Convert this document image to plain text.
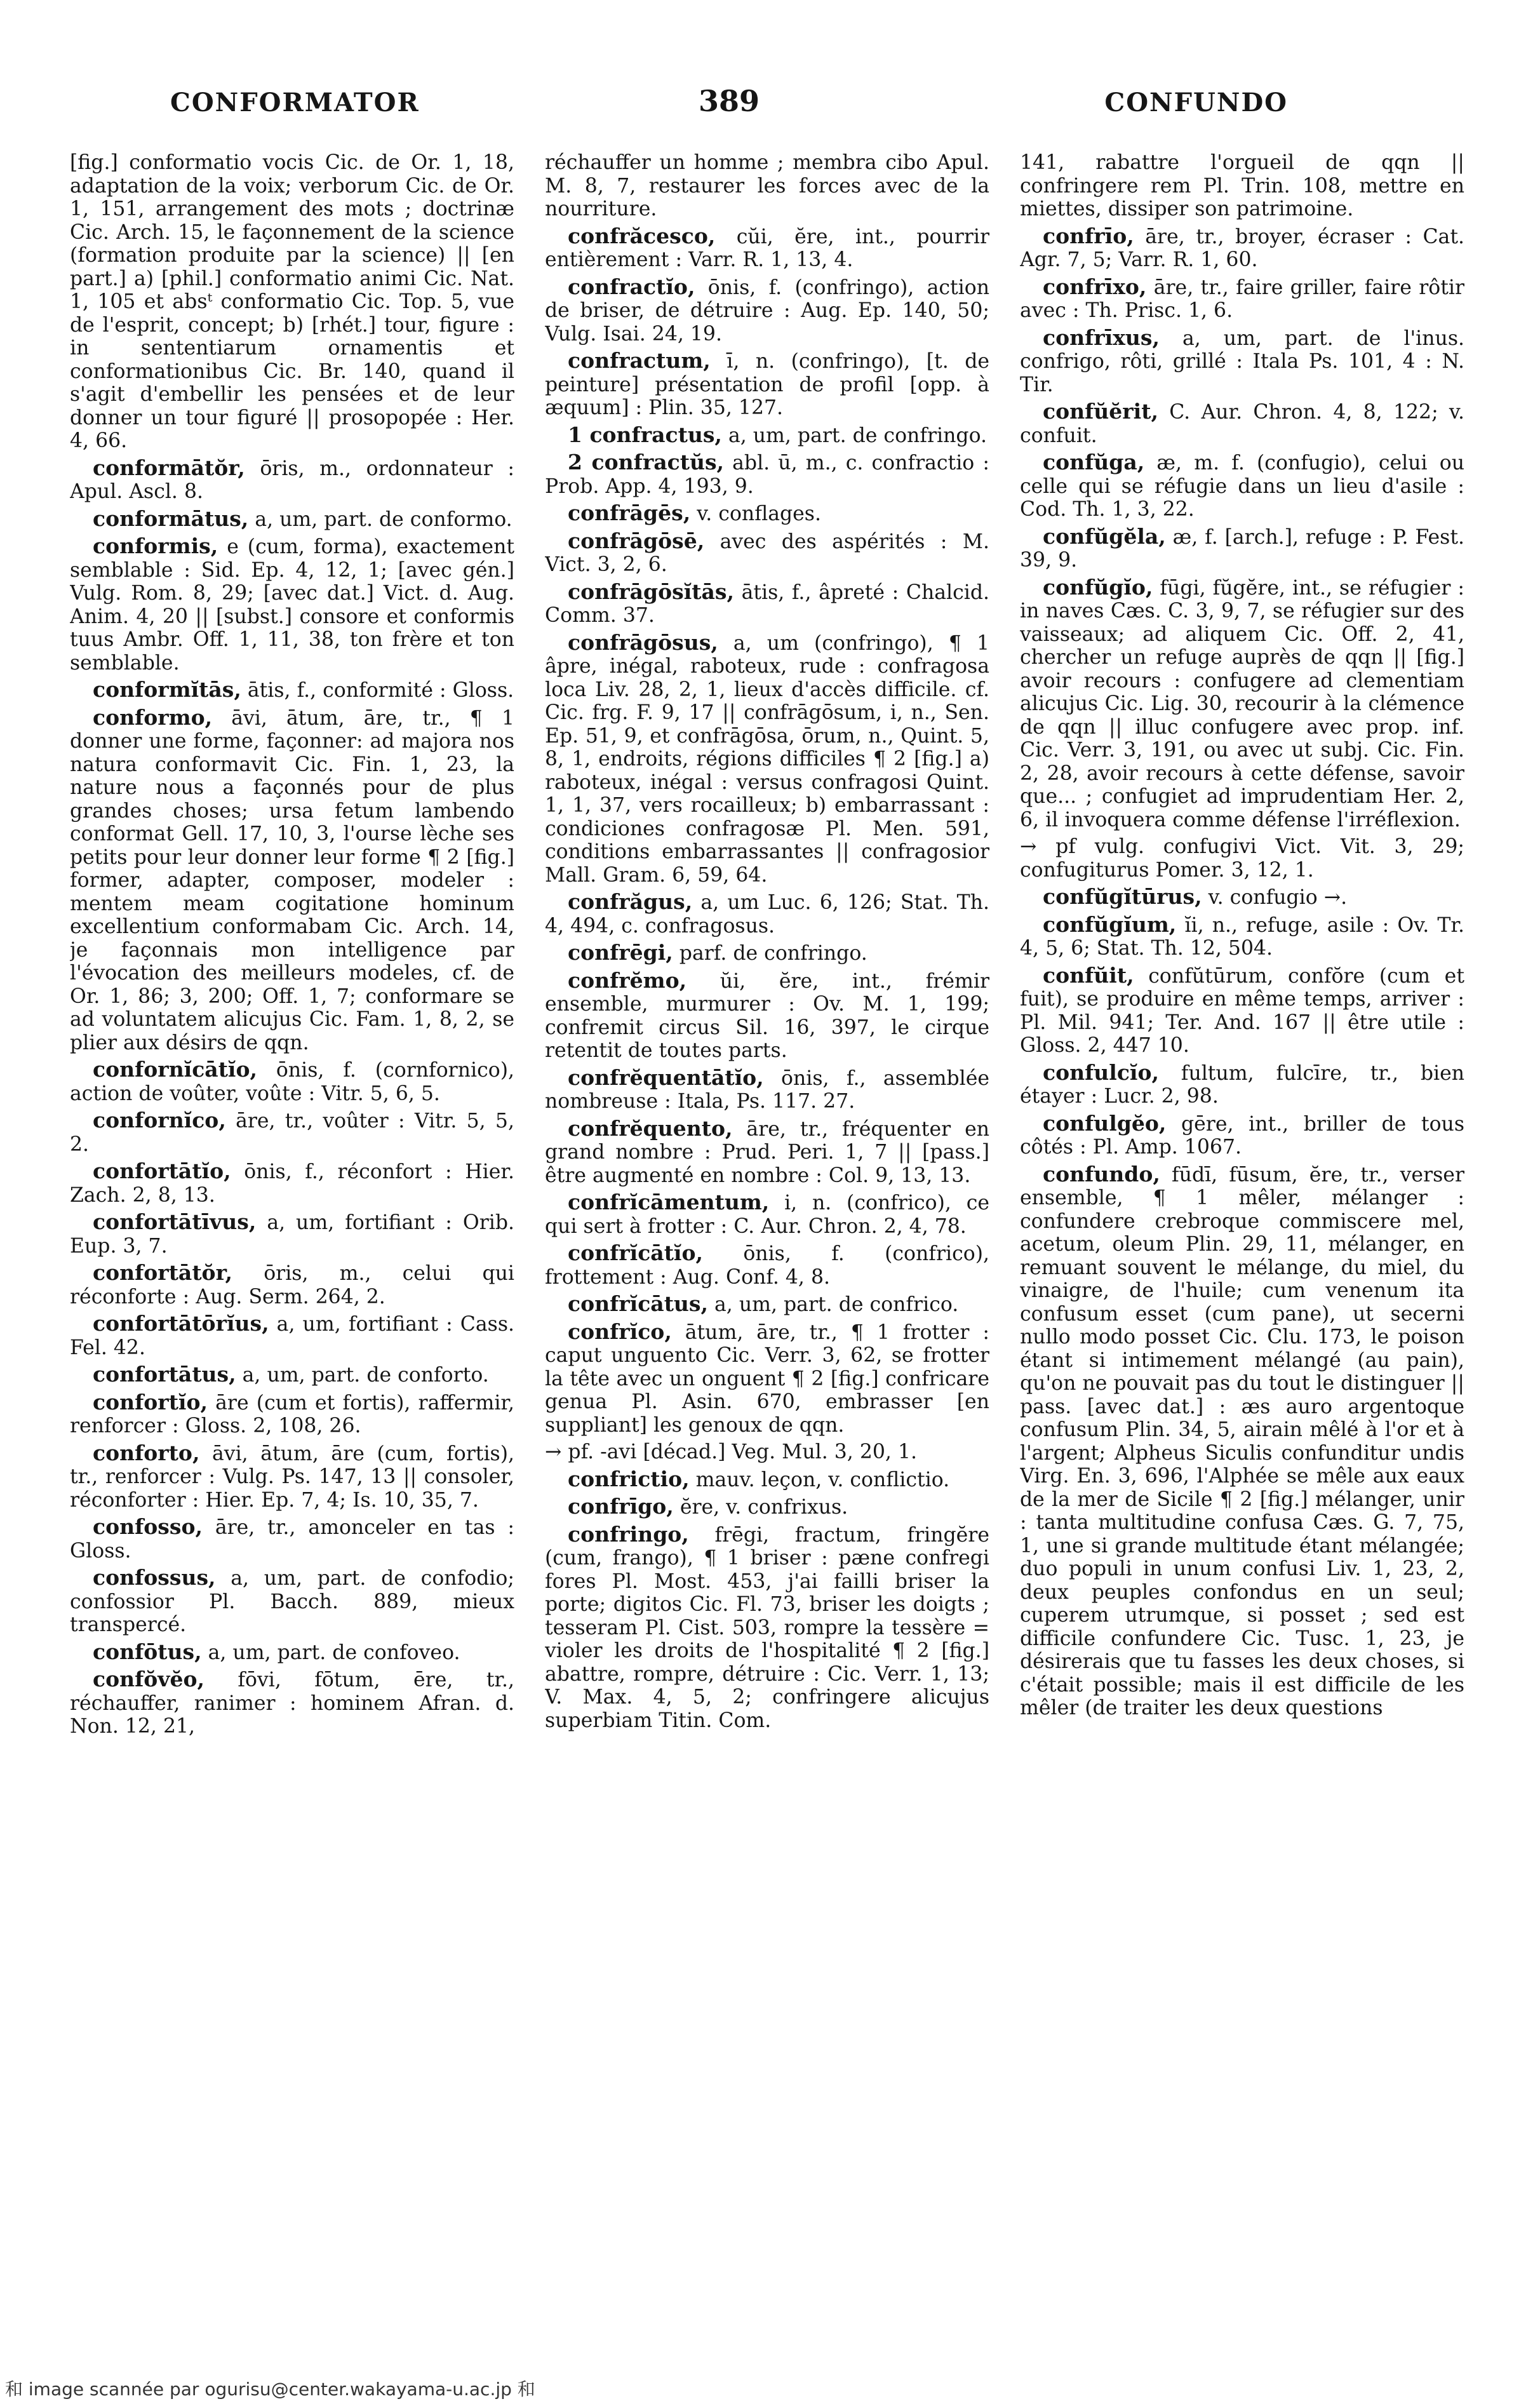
CONFORMATOR	389	CONFUNDO

[fig.] conformatio vocis Cic. de Or. 1, 18, adaptation de la voix; verborum Cic. de Or. 1, 151, arrangement des mots ; doctrinæ Cic. Arch. 15, le façonnement de la science (formation produite par la science) || [en part.] a) [phil.] conformatio animi Cic. Nat. 1, 105 et absᵗ conformatio Cic. Top. 5, vue de l'esprit, concept; b) [rhét.] tour, figure : in sententiarum ornamentis et conformationibus Cic. Br. 140, quand il s'agit d'embellir les pensées et de leur donner un tour figuré || prosopopée : Her. 4, 66.

conformātŏr, ōris, m., ordonnateur : Apul. Ascl. 8.

conformātus, a, um, part. de conformo.

conformis, e (cum, forma), exactement semblable : Sid. Ep. 4, 12, 1; [avec gén.] Vulg. Rom. 8, 29; [avec dat.] Vict. d. Aug. Anim. 4, 20 || [subst.] consore et conformis tuus Ambr. Off. 1, 11, 38, ton frère et ton semblable.

conformĭtās, ātis, f., conformité : Gloss.

conformo, āvi, ātum, āre, tr., ¶ 1 donner une forme, façonner: ad majora nos natura conformavit Cic. Fin. 1, 23, la nature nous a façonnés pour de plus grandes choses; ursa fetum lambendo conformat Gell. 17, 10, 3, l'ourse lèche ses petits pour leur donner leur forme ¶ 2 [fig.] former, adapter, composer, modeler : mentem meam cogitatione hominum excellentium conformabam Cic. Arch. 14, je façonnais mon intelligence par l'évocation des meilleurs modeles, cf. de Or. 1, 86; 3, 200; Off. 1, 7; conformare se ad voluntatem alicujus Cic. Fam. 1, 8, 2, se plier aux désirs de qqn.

confornĭcātĭo, ōnis, f. (cornfornico), action de voûter, voûte : Vitr. 5, 6, 5.

confornĭco, āre, tr., voûter : Vitr. 5, 5, 2.

confortātĭo, ōnis, f., réconfort : Hier. Zach. 2, 8, 13.

confortātīvus, a, um, fortifiant : Orib. Eup. 3, 7.

confortātŏr, ōris, m., celui qui réconforte : Aug. Serm. 264, 2.

confortātōrĭus, a, um, fortifiant : Cass. Fel. 42.

confortātus, a, um, part. de conforto.

confortĭo, āre (cum et fortis), raffermir, renforcer : Gloss. 2, 108, 26.

conforto, āvi, ātum, āre (cum, fortis), tr., renforcer : Vulg. Ps. 147, 13 || consoler, réconforter : Hier. Ep. 7, 4; Is. 10, 35, 7.

confosso, āre, tr., amonceler en tas : Gloss.

confossus, a, um, part. de confodio; confossior Pl. Bacch. 889, mieux transpercé.

confōtus, a, um, part. de confoveo.

confŏvĕo, fōvi, fōtum, ēre, tr., réchauffer, ranimer : hominem Afran. d. Non. 12, 21,

réchauffer un homme ; membra cibo Apul. M. 8, 7, restaurer les forces avec de la nourriture.

confrăcesco, cŭi, ĕre, int., pourrir entièrement : Varr. R. 1, 13, 4.

confractĭo, ōnis, f. (confringo), action de briser, de détruire : Aug. Ep. 140, 50; Vulg. Isai. 24, 19.

confractum, ī, n. (confringo), [t. de peinture] présentation de profil [opp. à æquum] : Plin. 35, 127.

1 confractus, a, um, part. de confringo.

2 confractŭs, abl. ū, m., c. confractio : Prob. App. 4, 193, 9.

confrāgēs, v. conflages.

confrāgōsē, avec des aspérités : M. Vict. 3, 2, 6.

confrāgōsĭtās, ātis, f., âpreté : Chalcid. Comm. 37.

confrāgōsus, a, um (confringo), ¶ 1 âpre, inégal, raboteux, rude : confragosa loca Liv. 28, 2, 1, lieux d'accès difficile. cf. Cic. frg. F. 9, 17 || confrāgōsum, i, n., Sen. Ep. 51, 9, et confrāgōsa, ōrum, n., Quint. 5, 8, 1, endroits, régions difficiles ¶ 2 [fig.] a) raboteux, inégal : versus confragosi Quint. 1, 1, 37, vers rocailleux; b) embarrassant : condiciones confragosæ Pl. Men. 591, conditions embarrassantes || confragosior Mall. Gram. 6, 59, 64.

confrăgus, a, um Luc. 6, 126; Stat. Th. 4, 494, c. confragosus.

confrēgi, parf. de confringo.

confrĕmo, ŭi, ĕre, int., frémir ensemble, murmurer : Ov. M. 1, 199; confremit circus Sil. 16, 397, le cirque retentit de toutes parts.

confrĕquentātĭo, ōnis, f., assemblée nombreuse : Itala, Ps. 117. 27.

confrĕquento, āre, tr., fréquenter en grand nombre : Prud. Peri. 1, 7 || [pass.] être augmenté en nombre : Col. 9, 13, 13.

confrĭcāmentum, i, n. (confrico), ce qui sert à frotter : C. Aur. Chron. 2, 4, 78.

confrĭcātĭo, ōnis, f. (confrico), frottement : Aug. Conf. 4, 8.

confrĭcātus, a, um, part. de confrico.

confrĭco, ātum, āre, tr., ¶ 1 frotter : caput unguento Cic. Verr. 3, 62, se frotter la tête avec un onguent ¶ 2 [fig.] confricare genua Pl. Asin. 670, embrasser [en suppliant] les genoux de qqn.

→ pf. -avi [décad.] Veg. Mul. 3, 20, 1.

confrictio, mauv. leçon, v. conflictio.

confrīgo, ĕre, v. confrixus.

confringo, frēgi, fractum, fringĕre (cum, frango), ¶ 1 briser : pæne confregi fores Pl. Most. 453, j'ai failli briser la porte; digitos Cic. Fl. 73, briser les doigts ; tesseram Pl. Cist. 503, rompre la tessère = violer les droits de l'hospitalité ¶ 2 [fig.] abattre, rompre, détruire : Cic. Verr. 1, 13; V. Max. 4, 5, 2; confringere alicujus superbiam Titin. Com.

141, rabattre l'orgueil de qqn || confringere rem Pl. Trin. 108, mettre en miettes, dissiper son patrimoine.

confrīo, āre, tr., broyer, écraser : Cat. Agr. 7, 5; Varr. R. 1, 60.

confrīxo, āre, tr., faire griller, faire rôtir avec : Th. Prisc. 1, 6.

confrīxus, a, um, part. de l'inus. confrigo, rôti, grillé : Itala Ps. 101, 4 : N. Tir.

confŭĕrit, C. Aur. Chron. 4, 8, 122; v. confuit.

confŭga, æ, m. f. (confugio), celui ou celle qui se réfugie dans un lieu d'asile : Cod. Th. 1, 3, 22.

confŭgĕla, æ, f. [arch.], refuge : P. Fest. 39, 9.

confŭgĭo, fūgi, fŭgĕre, int., se réfugier : in naves Cæs. C. 3, 9, 7, se réfugier sur des vaisseaux; ad aliquem Cic. Off. 2, 41, chercher un refuge auprès de qqn || [fig.] avoir recours : confugere ad clementiam alicujus Cic. Lig. 30, recourir à la clémence de qqn || illuc confugere avec prop. inf. Cic. Verr. 3, 191, ou avec ut subj. Cic. Fin. 2, 28, avoir recours à cette défense, savoir que... ; confugiet ad imprudentiam Her. 2, 6, il invoquera comme défense l'irréflexion.

→ pf vulg. confugivi Vict. Vit. 3, 29; confugiturus Pomer. 3, 12, 1.

confŭgĭtūrus, v. confugio →.

confŭgĭum, ĭi, n., refuge, asile : Ov. Tr. 4, 5, 6; Stat. Th. 12, 504.

confŭit, confŭtūrum, confŏre (cum et fuit), se produire en même temps, arriver : Pl. Mil. 941; Ter. And. 167 || être utile : Gloss. 2, 447 10.

confulcĭo, fultum, fulcīre, tr., bien étayer : Lucr. 2, 98.

confulgĕo, gēre, int., briller de tous côtés : Pl. Amp. 1067.

confundo, fūdī, fūsum, ĕre, tr., verser ensemble, ¶ 1 mêler, mélanger : confundere crebroque commiscere mel, acetum, oleum Plin. 29, 11, mélanger, en remuant souvent le mélange, du miel, du vinaigre, de l'huile; cum venenum ita confusum esset (cum pane), ut secerni nullo modo posset Cic. Clu. 173, le poison étant si intimement mélangé (au pain), qu'on ne pouvait pas du tout le distinguer || pass. [avec dat.] : æs auro argentoque confusum Plin. 34, 5, airain mêlé à l'or et à l'argent; Alpheus Siculis confunditur undis Virg. En. 3, 696, l'Alphée se mêle aux eaux de la mer de Sicile ¶ 2 [fig.] mélanger, unir : tanta multitudine confusa Cæs. G. 7, 75, 1, une si grande multitude étant mélangée; duo populi in unum confusi Liv. 1, 23, 2, deux peuples confondus en un seul; cuperem utrumque, si posset ; sed est difficile confundere Cic. Tusc. 1, 23, je désirerais que tu fasses les deux choses, si c'était possible; mais il est difficile de les mêler (de traiter les deux questions

和 image scannée par ogurisu@center.wakayama-u.ac.jp 和
